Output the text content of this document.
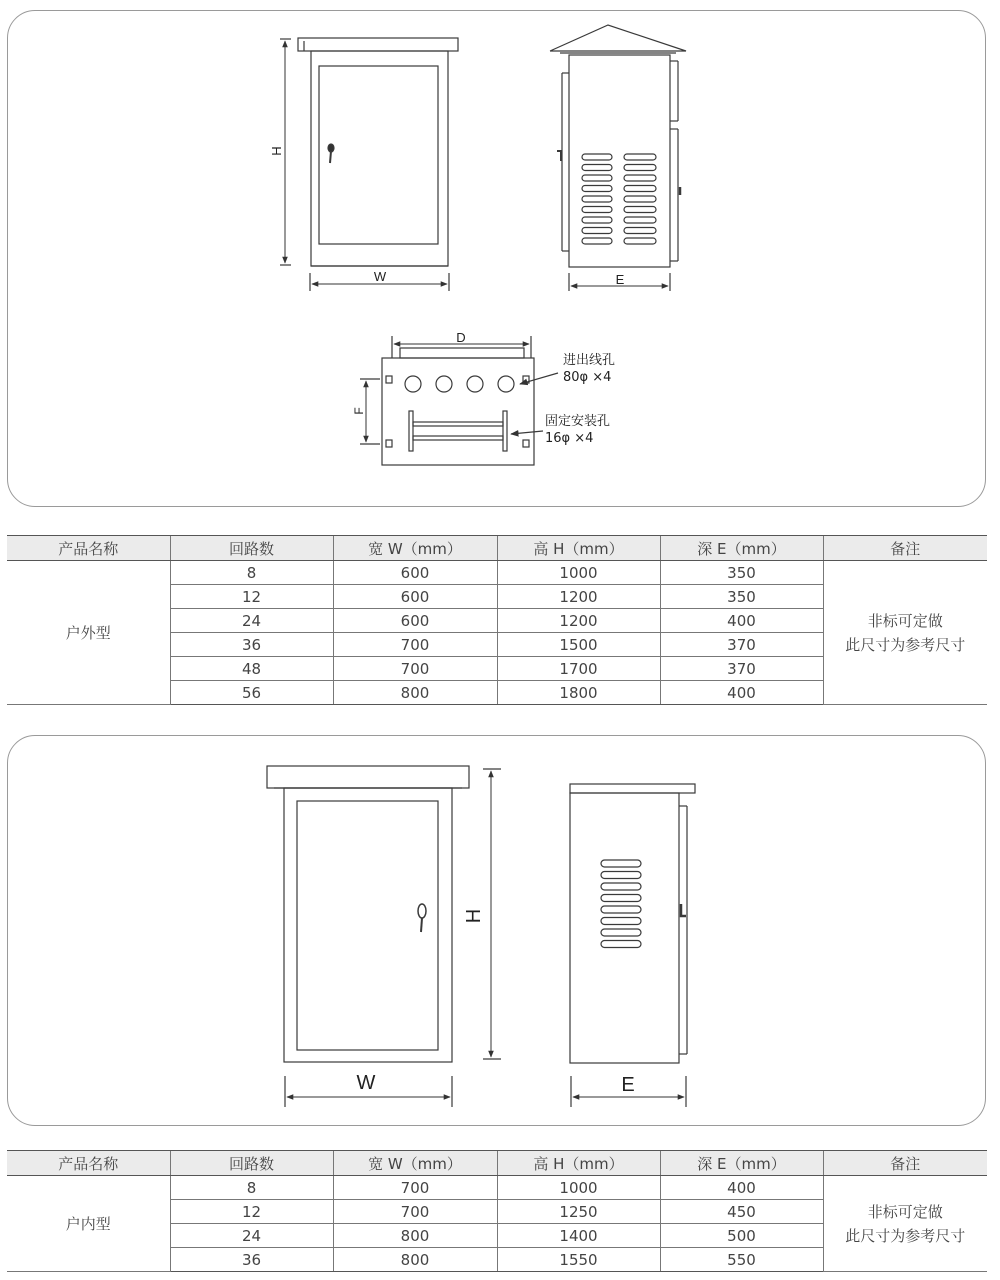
H
W	E
D
F
进出线孔
80φ ×4
固定安装孔
16φ ×4
产品名称	回路数	宽 W（mm）	高 H（mm）	深 E（mm）	备注
户外型	8	600	1000	350	非标可定做
此尺寸为参考尺寸

	12	600	1200	350	
	24	600	1200	400	
	36	700	1500	370	
	48	700	1700	370	
	56	800	1800	400	
H
W	E
产品名称	回路数	宽 W（mm）	高 H（mm）	深 E（mm）	备注
户内型	8	700	1000	400	非标可定做
此尺寸为参考尺寸

	12	700	1250	450	
	24	800	1400	500	
	36	800	1550	550	
